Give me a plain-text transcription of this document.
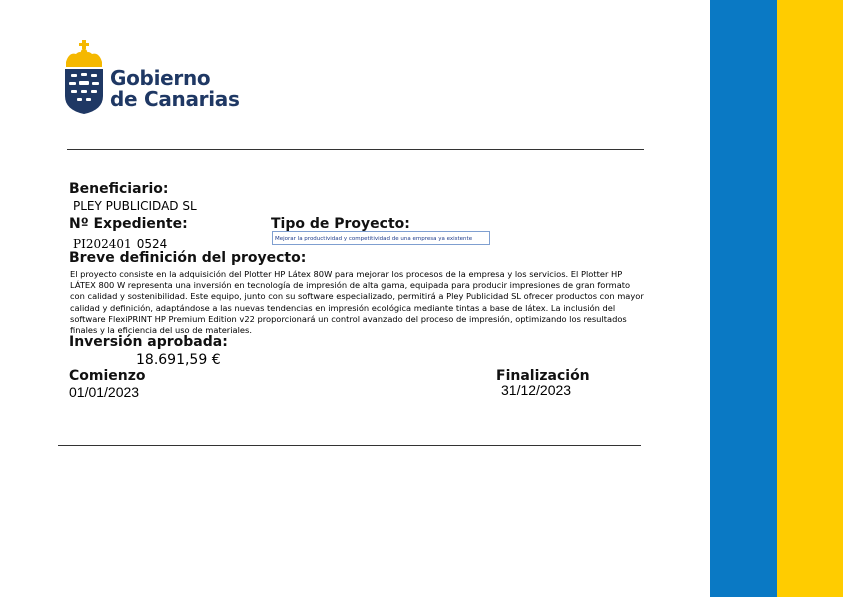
Gobierno
de Canarias
Beneficiario:
PLEY PUBLICIDAD SL
Nº Expediente:
PI202401 0524
Tipo de Proyecto:
Mejorar la productividad y competitividad de una empresa ya existente
Breve definición del proyecto:
El proyecto consiste en la adquisición del Plotter HP Látex 80W para mejorar los procesos de la empresa y los servicios. El Plotter HP LÁTEX 800 W representa una inversión en tecnología de impresión de alta gama, equipada para producir impresiones de gran formato con calidad y sostenibilidad. Este equipo, junto con su software especializado, permitirá a Pley Publicidad SL ofrecer productos con mayor calidad y definición, adaptándose a las nuevas tendencias en impresión ecológica mediante tintas a base de látex. La inclusión del software FlexiPRINT HP Premium Edition v22 proporcionará un control avanzado del proceso de impresión, optimizando los resultados finales y la eficiencia del uso de materiales.
Inversión aprobada:
18.691,59 €
Comienzo
01/01/2023
Finalización
31/12/2023
